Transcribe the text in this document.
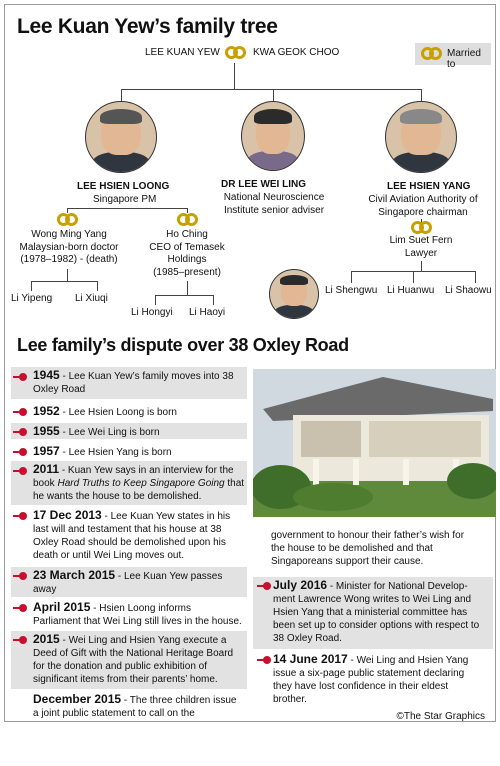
Lee Kuan Yew’s family tree
Married to
LEE KUAN YEW	KWA GEOK CHOO
LEE HSIEN LOONG
Singapore PM
DR LEE WEI LING
National Neuroscience
Institute senior adviser
LEE HSIEN YANG
Civil Aviation Authority of
Singapore chairman
Wong Ming Yang
Malaysian-born doctor
(1978–1982) - (death)
Ho Ching
CEO of Temasek
Holdings
(1985–present)
Li Yipeng Li Xiuqi
Li Hongyi Li Haoyi
Lim Suet Fern
Lawyer
Li Shengwu Li Huanwu Li Shaowu
Lee family’s dispute over 38 Oxley Road
1945 - Lee Kuan Yew’s family moves into 38
Oxley Road
1952 - Lee Hsien Loong is born
1955 - Lee Wei Ling is born
1957 - Lee Hsien Yang is born
2011 - Kuan Yew says in an interview for the
book Hard Truths to Keep Singapore Going that
he wants the house to be demolished.
17 Dec 2013 - Lee Kuan Yew states in his
last will and testament that his house at 38
Oxley Road should be demolished upon his
death or until Wei Ling moves out.
23 March 2015 - Lee Kuan Yew passes
away
April 2015 - Hsien Loong informs
Parliament that Wei Ling still lives in the house.
2015 - Wei Ling and Hsien Yang execute a
Deed of Gift with the National Heritage Board
for the donation and public exhibition of
significant items from their parents’ home.
December 2015 - The three children issue
a joint public statement to call on the
government to honour their father’s wish for
the house to be demolished and that
Singaporeans support their cause.
July 2016 - Minister for National Develop-
ment Lawrence Wong writes to Wei Ling and
Hsien Yang that a ministerial committee has
been set up to consider options with respect to
38 Oxley Road.
14 June 2017 - Wei Ling and Hsien Yang
issue a six-page public statement declaring
they have lost confidence in their eldest
brother.
©The Star Graphics
